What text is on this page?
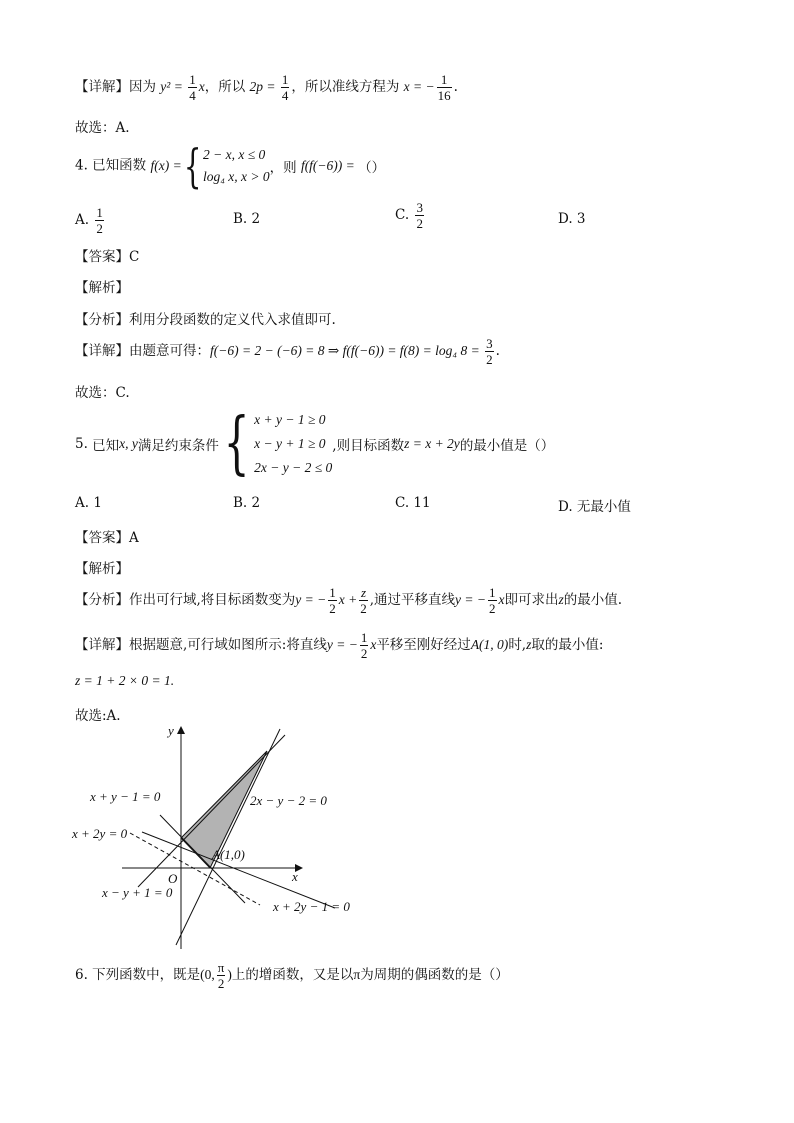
【详解】因为 $y^2 = \frac{1}{4}$ x，所以 $2p = \frac{1}{4}$ ，所以准线方程为 x = − $\frac{1}{16}$ .
故选：A.
4. 已知函数 f(x) ={ 2 − x, x ≤ 0
log₄ x, x > 0
，则 f(f(−6)) = （）
A. $\frac{1}{2}$	B. 2	C. $\frac{3}{2}$	D. 3
【答案】C
【解析】
【分析】利用分段函数的定义代入求值即可.
【详解】由题意可得：f(−6) = 2 − (−6) = 8 ⇒ f(f(−6)) = f(8) = log₄ $8 = \frac{3}{2}$ .
故选：C.
5. 已知x, y满足约束条件{ x + y − 1 ≥ 0
x − y + 1 ≥ 0
2x − y − 2 ≤ 0
,则目标函数z = x + 2y的最小值是（）
A. 1	B. 2	C. 11	D. 无最小值
【答案】A
【解析】
【分析】作出可行域,将目标函数变为y = − $\frac{1}{2}$ $x + \frac{z}{2}$ ,通过平移直线y = − $\frac{1}{2}$ x即可求出z的最小值.
【详解】根据题意,可行域如图所示:将直线y = − $\frac{1}{2}$ x平移至刚好经过A(1, 0)时,z取的最小值:
z = 1 + 2 × 0 = 1.
故选:A.
y
x
O
A(1,0)
x + y − 1 = 0	2x − y − 2 = 0
x + 2y = 0
x − y + 1 = 0
x + 2y − 1 = 0
6. 下列函数中，既是(0, $\frac{\pi}{2}$ )上的增函数，又是以π为周期的偶函数的是（）
